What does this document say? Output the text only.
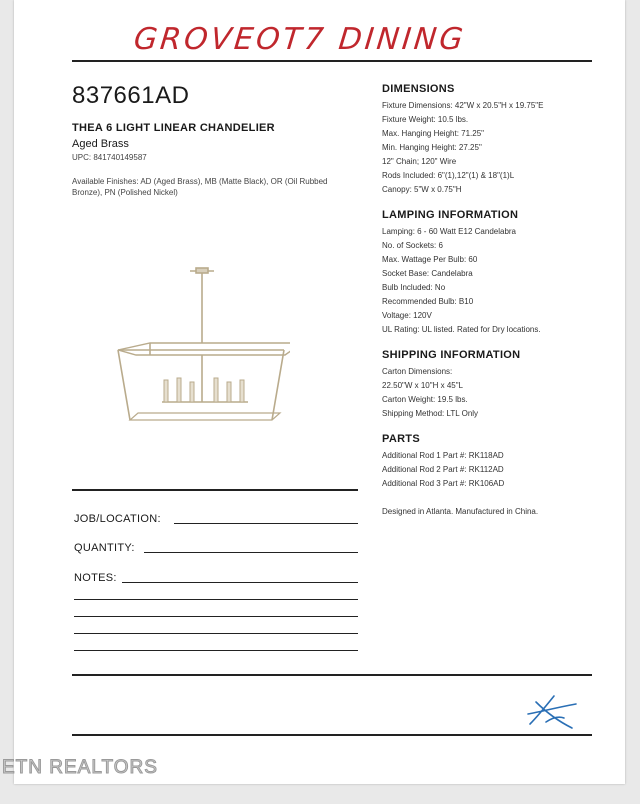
GROVEOT7 DINING
837661AD
THEA 6 LIGHT LINEAR CHANDELIER
Aged Brass
UPC: 841740149587
Available Finishes: AD (Aged Brass), MB (Matte Black), OR (Oil Rubbed Bronze), PN (Polished Nickel)
JOB/LOCATION:
QUANTITY:
NOTES:
DIMENSIONS

Fixture Dimensions: 42"W x 20.5"H x 19.75"E

Fixture Weight: 10.5 lbs.

Max. Hanging Height: 71.25"

Min. Hanging Height: 27.25"

12" Chain; 120" Wire

Rods Included: 6"(1),12"(1) & 18"(1)L

Canopy: 5"W x 0.75"H

LAMPING INFORMATION

Lamping: 6 - 60 Watt E12 Candelabra

No. of Sockets: 6

Max. Wattage Per Bulb: 60

Socket Base: Candelabra

Bulb Included: No

Recommended Bulb: B10

Voltage: 120V

UL Rating: UL listed. Rated for Dry locations.

SHIPPING INFORMATION

Carton Dimensions:

22.50"W x 10"H x 45"L

Carton Weight: 19.5 lbs.

Shipping Method: LTL Only

PARTS

Additional Rod 1 Part #: RK118AD

Additional Rod 2 Part #: RK112AD

Additional Rod 3 Part #: RK106AD

Designed in Atlanta. Manufactured in China.
ETN REALTORS
